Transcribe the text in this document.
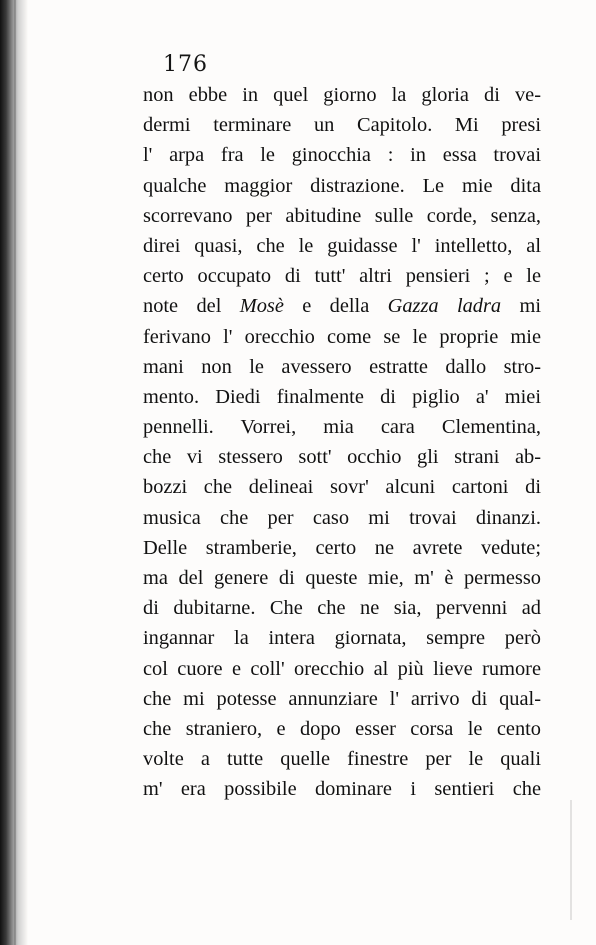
176
non ebbe in quel giorno la gloria di ve-
dermi terminare un Capitolo. Mi presi
l' arpa fra le ginocchia : in essa trovai
qualche maggior distrazione. Le mie dita
scorrevano per abitudine sulle corde, senza,
direi quasi, che le guidasse l' intelletto, al
certo occupato di tutt' altri pensieri ; e le
note del Mosè e della Gazza ladra mi
ferivano l' orecchio come se le proprie mie
mani non le avessero estratte dallo stro-
mento. Diedi finalmente di piglio a' miei
pennelli. Vorrei, mia cara Clementina,
che vi stessero sott' occhio gli strani ab-
bozzi che delineai sovr' alcuni cartoni di
musica che per caso mi trovai dinanzi.
Delle stramberie, certo ne avrete vedute;
ma del genere di queste mie, m' è permesso
di dubitarne. Che che ne sia, pervenni ad
ingannar la intera giornata, sempre però
col cuore e coll' orecchio al più lieve rumore
che mi potesse annunziare l' arrivo di qual-
che straniero, e dopo esser corsa le cento
volte a tutte quelle finestre per le quali
m' era possibile dominare i sentieri che
